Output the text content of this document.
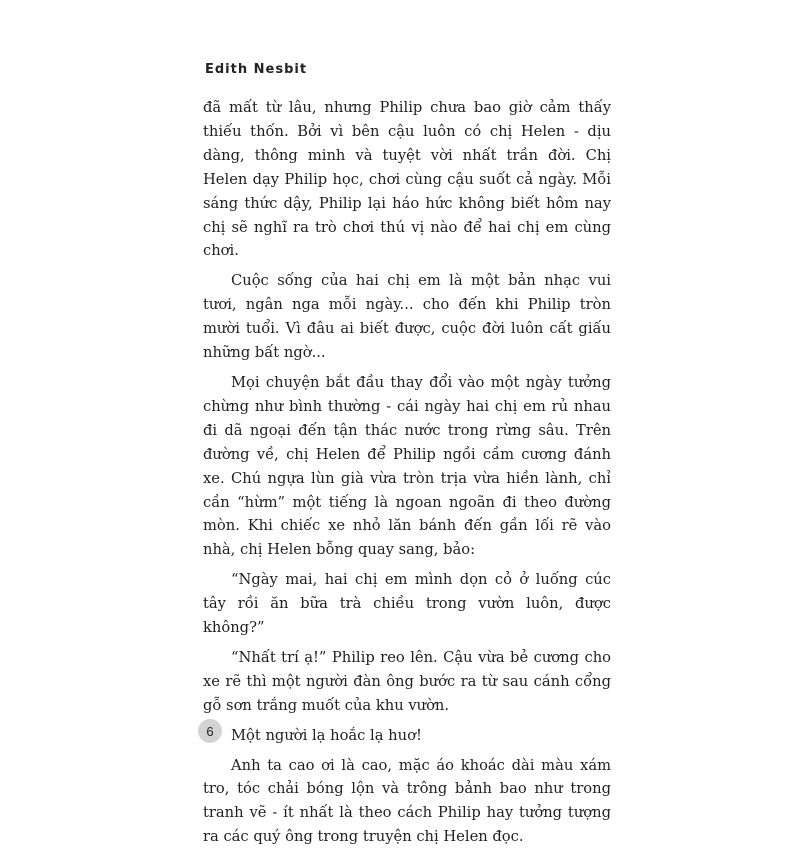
Edith Nesbit

đã mất từ lâu, nhưng Philip chưa bao giờ cảm thấy thiếu thốn. Bởi vì bên cậu luôn có chị Helen - dịu dàng, thông minh và tuyệt vời nhất trần đời. Chị Helen dạy Philip học, chơi cùng cậu suốt cả ngày. Mỗi sáng thức dậy, Philip lại háo hức không biết hôm nay chị sẽ nghĩ ra trò chơi thú vị nào để hai chị em cùng chơi.

Cuộc sống của hai chị em là một bản nhạc vui tươi, ngân nga mỗi ngày... cho đến khi Philip tròn mười tuổi. Vì đâu ai biết được, cuộc đời luôn cất giấu những bất ngờ...

Mọi chuyện bắt đầu thay đổi vào một ngày tưởng chừng như bình thường - cái ngày hai chị em rủ nhau đi dã ngoại đến tận thác nước trong rừng sâu. Trên đường về, chị Helen để Philip ngồi cầm cương đánh xe. Chú ngựa lùn già vừa tròn trịa vừa hiền lành, chỉ cần “hừm” một tiếng là ngoan ngoãn đi theo đường mòn. Khi chiếc xe nhỏ lăn bánh đến gần lối rẽ vào nhà, chị Helen bỗng quay sang, bảo:

“Ngày mai, hai chị em mình dọn cỏ ở luống cúc tây rồi ăn bữa trà chiều trong vườn luôn, được không?”

“Nhất trí ạ!” Philip reo lên. Cậu vừa bẻ cương cho xe rẽ thì một người đàn ông bước ra từ sau cánh cổng gỗ sơn trắng muốt của khu vườn.

Một người lạ hoắc lạ huơ!

Anh ta cao ơi là cao, mặc áo khoác dài màu xám tro, tóc chải bóng lộn và trông bảnh bao như trong tranh vẽ - ít nhất là theo cách Philip hay tưởng tượng ra các quý ông trong truyện chị Helen đọc.

6
